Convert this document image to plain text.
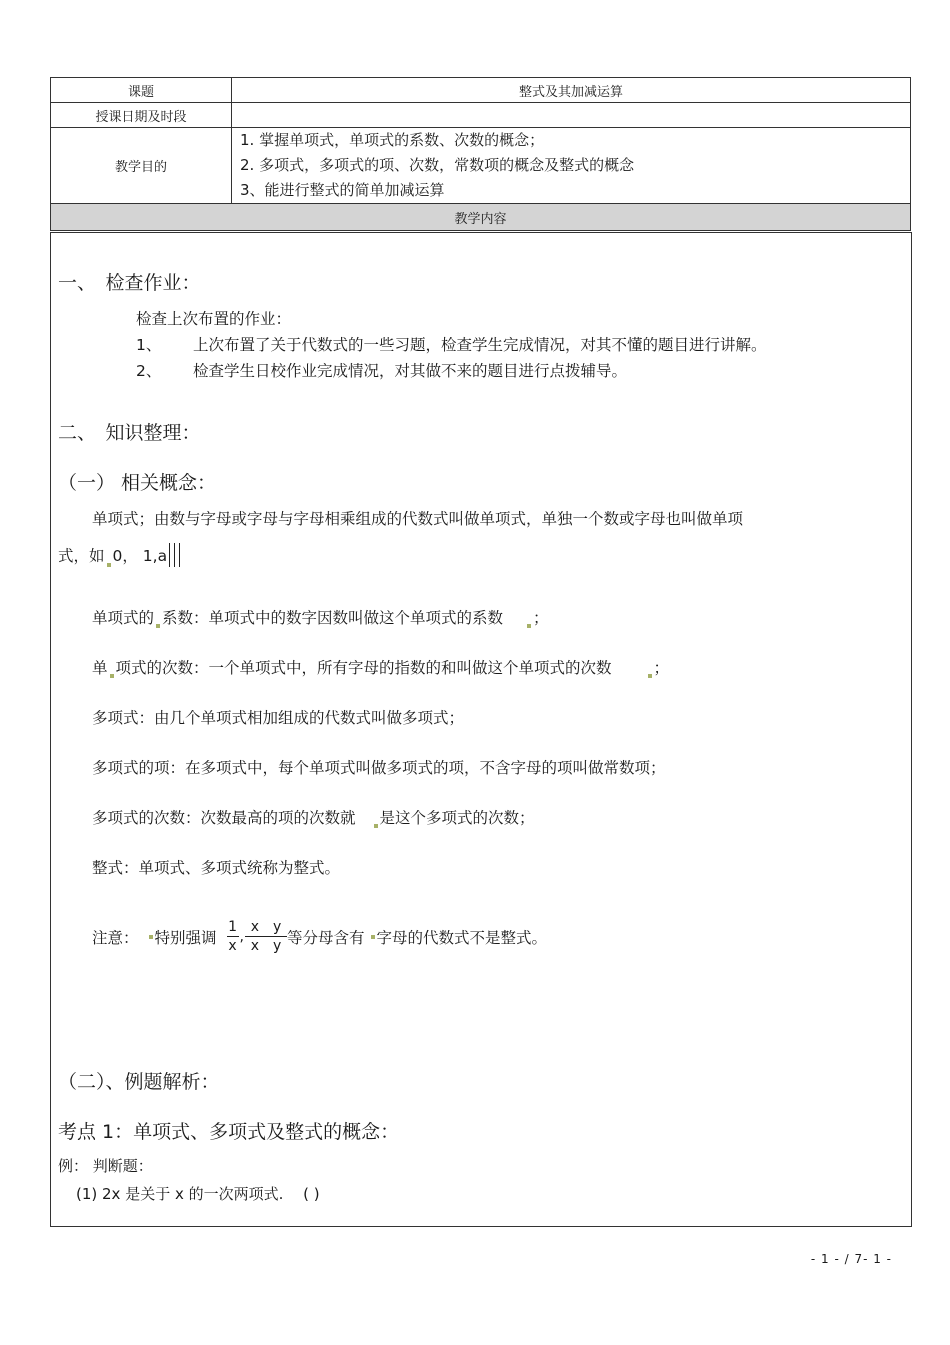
课题	整式及其加减运算
授课日期及时段	
教学目的	1. 掌握单项式，单项式的系数、次数的概念；
2. 多项式，多项式的项、次数，常数项的概念及整式的概念
3、能进行整式的简单加减运算

教学内容	
一、　检查作业：
检查上次布置的作业：
1、 上次布置了关于代数式的一些习题，检查学生完成情况，对其不懂的题目进行讲解。
2、 检查学生日校作业完成情况，对其做不来的题目进行点拨辅导。
二、　知识整理：
（一） 相关概念：
单项式；由数与字母或字母与字母相乘组成的代数式叫做单项式，单独一个数或字母也叫做单项
式，如 0， 1,a
单项式的 系数：单项式中的数字因数叫做这个单项式的系数 ；
单 项式的次数：一个单项式中，所有字母的指数的和叫做这个单项式的次数	；
多项式：由几个单项式相加组成的代数式叫做多项式；
多项式的项：在多项式中，每个单项式叫做多项式的项，不含字母的项叫做常数项；
多项式的次数：次数最高的项的次数就 是这个多项式的次数；
整式：单项式、多项式统称为整式。
注意： 特别强调 $\frac{1}{x}$ , $\frac{\text{x　y}}{\text{x　y}}$ 等分母含有 字母的代数式不是整式。
（二）、例题解析：
考点 1：单项式、多项式及整式的概念：
例： 判断题：
(1) 2x 是关于 x 的一次两项式.　 ( )
- 1 - / 7- 1 -
